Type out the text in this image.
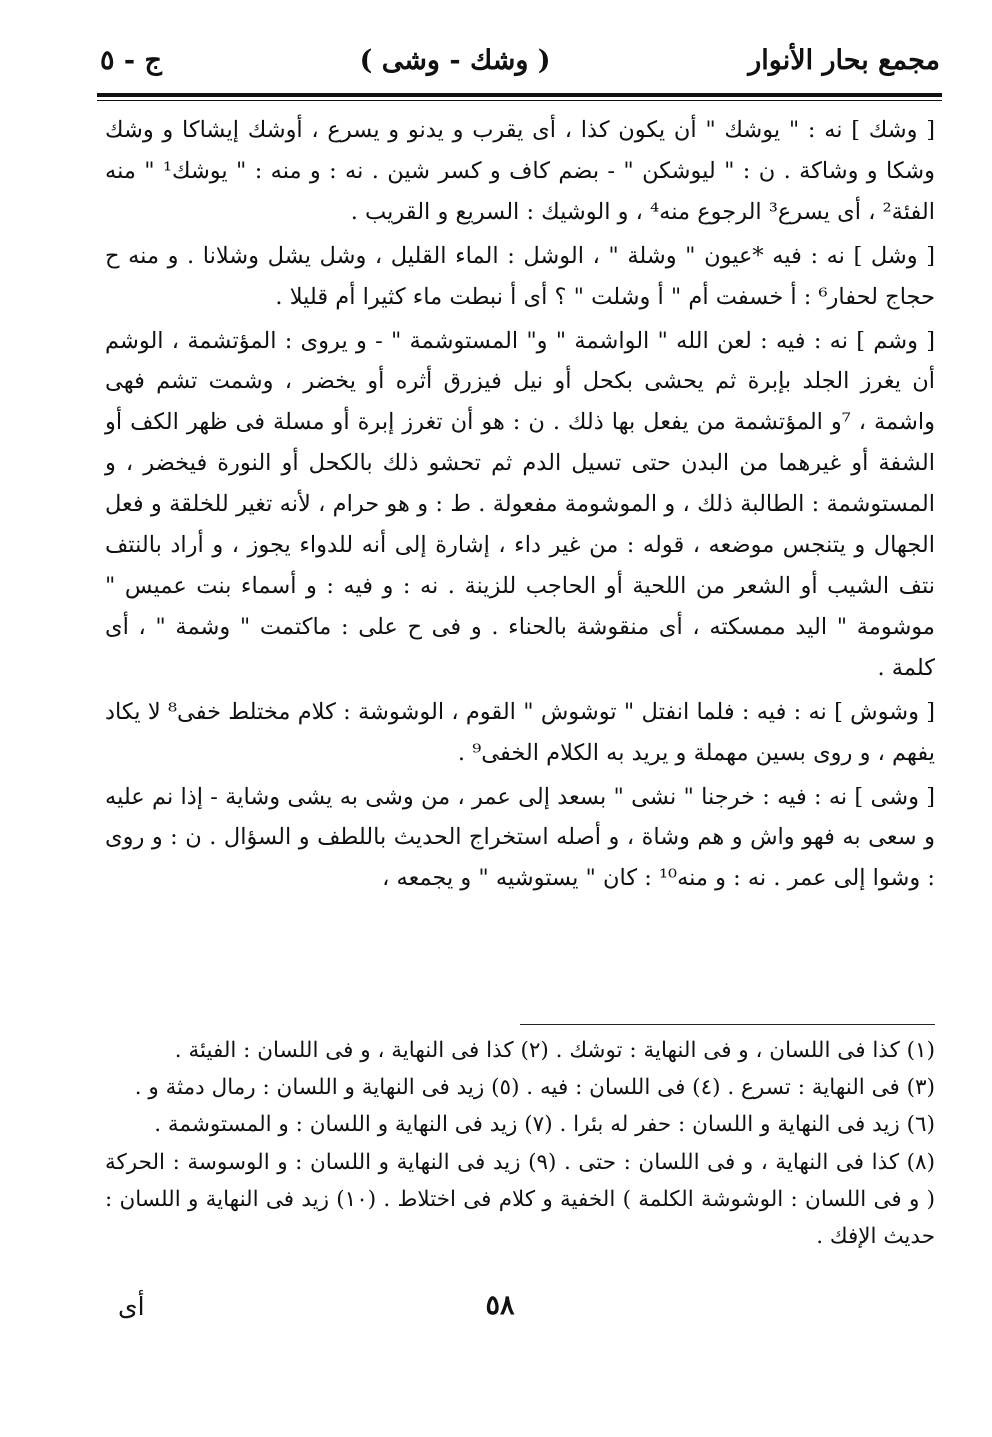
مجمع بحار الأنوار
( وشك - وشى )
ج - ٥

[ وشك ] نه : " يوشك " أن يكون كذا ، أى يقرب و يدنو و يسرع ، أوشك إيشاكا و وشك وشكا و وشاكة . ن : " ليوشكن " - بضم كاف و كسر شين . نه : و منه : " يوشك¹ " منه الفئة² ، أى يسرع³ الرجوع منه⁴ ، و الوشيك : السريع و القريب .

[ وشل ] نه : فيه *عيون " وشلة " ، الوشل : الماء القليل ، وشل يشل وشلانا . و منه ح حجاج لحفار⁶ : أ خسفت أم " أ وشلت " ؟ أى أ نبطت ماء كثيرا أم قليلا .

[ وشم ] نه : فيه : لعن الله " الواشمة " و" المستوشمة " - و يروى : المؤتشمة ، الوشم أن يغرز الجلد بإبرة ثم يحشى بكحل أو نيل فيزرق أثره أو يخضر ، وشمت تشم فهى واشمة ، ⁷و المؤتشمة من يفعل بها ذلك . ن : هو أن تغرز إبرة أو مسلة فى ظهر الكف أو الشفة أو غيرهما من البدن حتى تسيل الدم ثم تحشو ذلك بالكحل أو النورة فيخضر ، و المستوشمة : الطالبة ذلك ، و الموشومة مفعولة . ط : و هو حرام ، لأنه تغير للخلقة و فعل الجهال و يتنجس موضعه ، قوله : من غير داء ، إشارة إلى أنه للدواء يجوز ، و أراد بالنتف نتف الشيب أو الشعر من اللحية أو الحاجب للزينة . نه : و فيه : و أسماء بنت عميس " موشومة " اليد ممسكته ، أى منقوشة بالحناء . و فى ح على : ماكتمت " وشمة " ، أى كلمة .

[ وشوش ] نه : فيه : فلما انفتل " توشوش " القوم ، الوشوشة : كلام مختلط خفى⁸ لا يكاد يفهم ، و روى بسين مهملة و يريد به الكلام الخفى⁹ .

[ وشى ] نه : فيه : خرجنا " نشى " بسعد إلى عمر ، من وشى به يشى وشاية - إذا نم عليه و سعى به فهو واش و هم وشاة ، و أصله استخراج الحديث باللطف و السؤال . ن : و روى : وشوا إلى عمر . نه : و منه¹⁰ : كان " يستوشيه " و يجمعه ،

(١) كذا فى اللسان ، و فى النهاية : توشك . (٢) كذا فى النهاية ، و فى اللسان : الفيئة .

(٣) فى النهاية : تسرع . (٤) فى اللسان : فيه . (٥) زيد فى النهاية و اللسان : رمال دمثة و .

(٦) زيد فى النهاية و اللسان : حفر له بئرا . (٧) زيد فى النهاية و اللسان : و المستوشمة .

(٨) كذا فى النهاية ، و فى اللسان : حتى . (٩) زيد فى النهاية و اللسان : و الوسوسة : الحركة ( و فى اللسان : الوشوشة الكلمة ) الخفية و كلام فى اختلاط . (١٠) زيد فى النهاية و اللسان : حديث الإفك .

٥٨
أى
